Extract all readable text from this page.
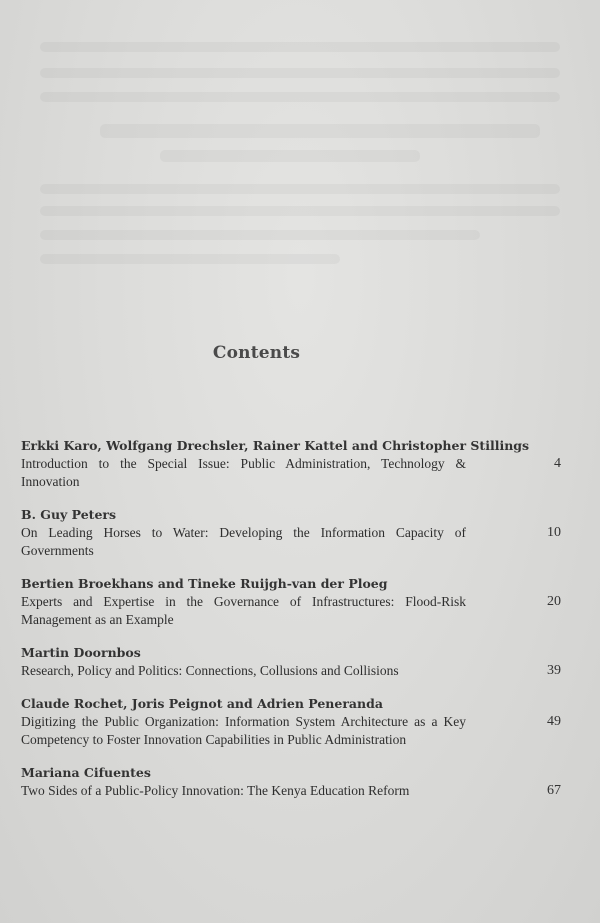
Contents
Erkki Karo, Wolfgang Drechsler, Rainer Kattel and Christopher Stillings
Introduction to the Special Issue: Public Administration, Technology & Innovation
4
B. Guy Peters
On Leading Horses to Water: Developing the Information Capacity of Governments
10
Bertien Broekhans and Tineke Ruijgh-van der Ploeg
Experts and Expertise in the Governance of Infrastructures: Flood-Risk Management as an Example
20
Martin Doornbos
Research, Policy and Politics: Connections, Collusions and Collisions	39
Claude Rochet, Joris Peignot and Adrien Peneranda
Digitizing the Public Organization: Information System Architecture as a Key Competency to Foster Innovation Capabilities in Public Administration
49
Mariana Cifuentes
Two Sides of a Public-Policy Innovation: The Kenya Education Reform	67
